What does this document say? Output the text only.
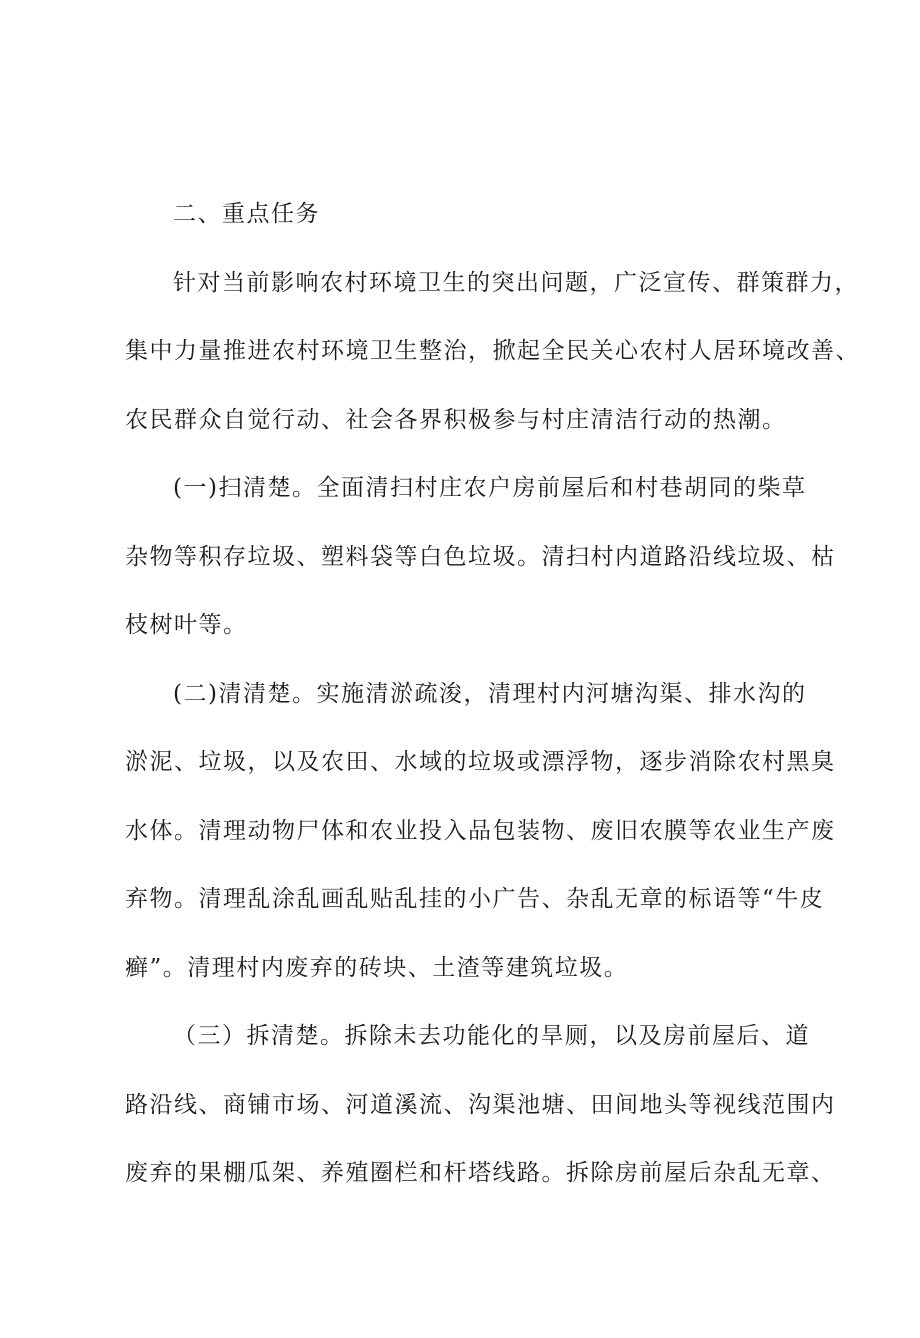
二、重点任务
针对当前影响农村环境卫生的突出问题，广泛宣传、群策群力，
集中力量推进农村环境卫生整治，掀起全民关心农村人居环境改善、
农民群众自觉行动、社会各界积极参与村庄清洁行动的热潮。
(一)扫清楚。全面清扫村庄农户房前屋后和村巷胡同的柴草
杂物等积存垃圾、塑料袋等白色垃圾。清扫村内道路沿线垃圾、枯
枝树叶等。
(二)清清楚。实施清淤疏浚，清理村内河塘沟渠、排水沟的
淤泥、垃圾，以及农田、水域的垃圾或漂浮物，逐步消除农村黑臭
水体。清理动物尸体和农业投入品包装物、废旧农膜等农业生产废
弃物。清理乱涂乱画乱贴乱挂的小广告、杂乱无章的标语等“牛皮
癣”。清理村内废弃的砖块、土渣等建筑垃圾。
（三）拆清楚。拆除未去功能化的旱厕，以及房前屋后、道
路沿线、商铺市场、河道溪流、沟渠池塘、田间地头等视线范围内
废弃的果棚瓜架、养殖圈栏和杆塔线路。拆除房前屋后杂乱无章、
